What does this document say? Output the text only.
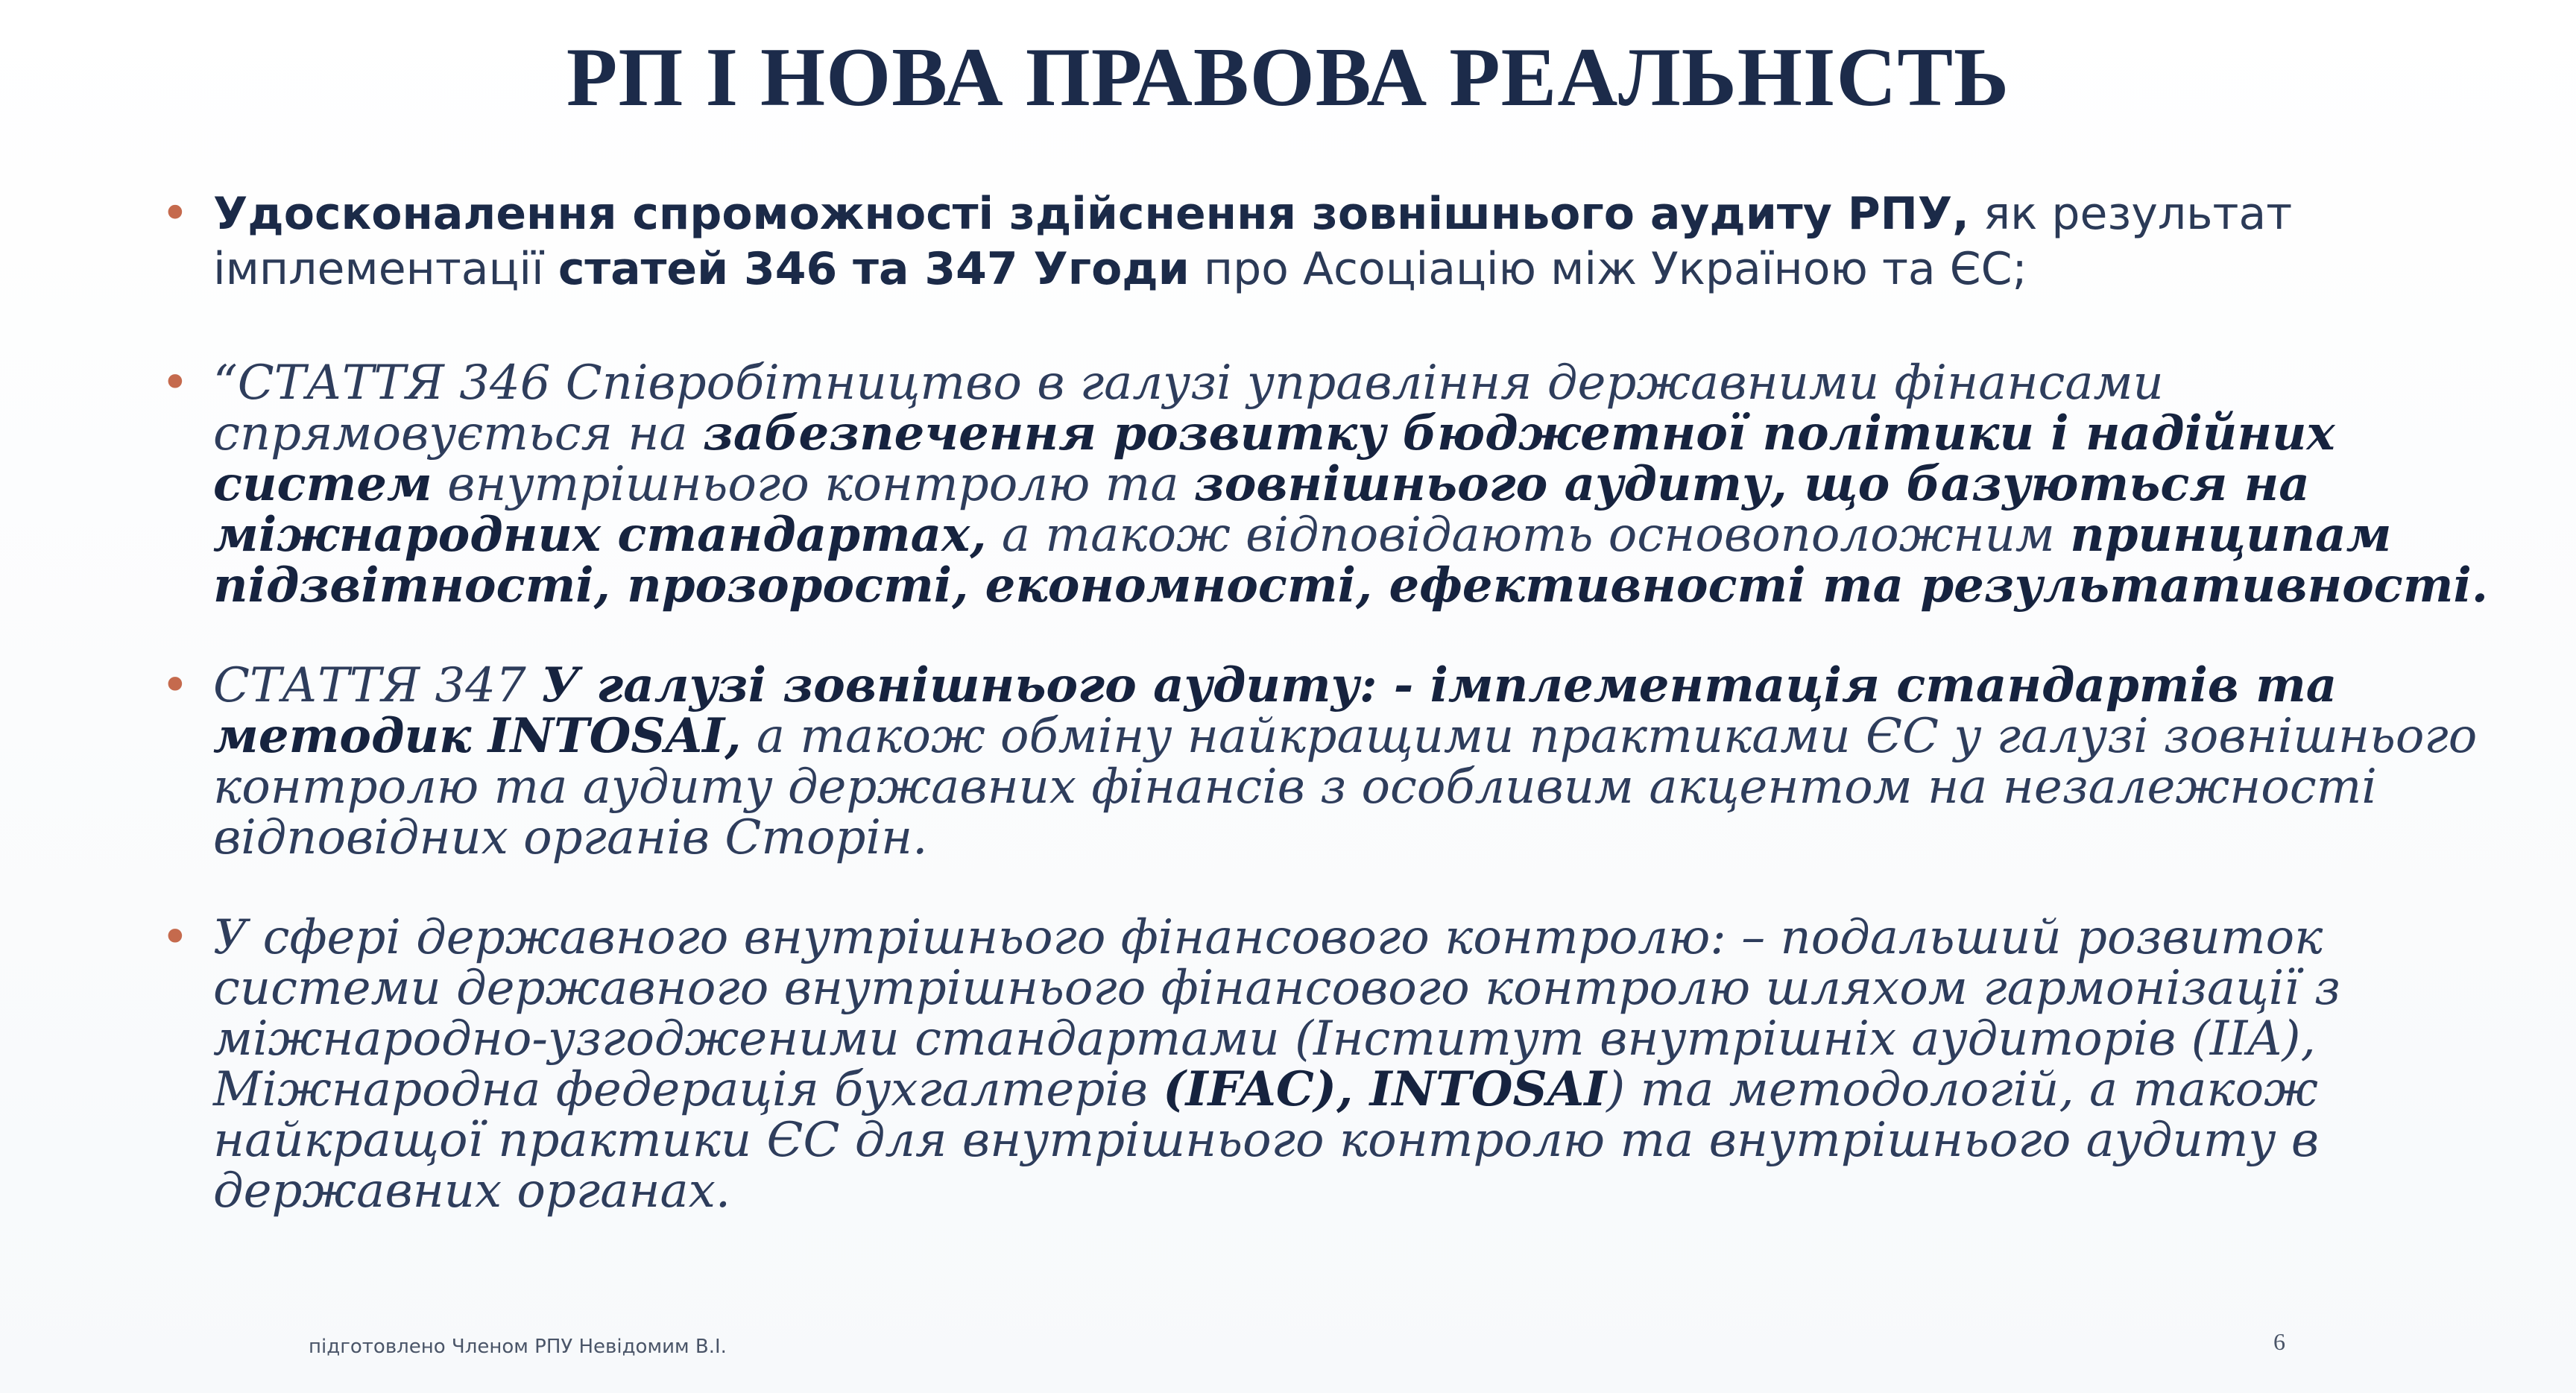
РП І НОВА ПРАВОВА РЕАЛЬНІСТЬ
• Удосконалення спроможності здійснення зовнішнього аудиту РПУ, як результат імплементації статей 346 та 347 Угоди про Асоціацію між Україною та ЄС;
• “СТАТТЯ 346 Співробітництво в галузі управління державними фінансами спрямовується на забезпечення розвитку бюджетної політики і надійних систем внутрішнього контролю та зовнішнього аудиту, що базуються на міжнародних стандартах, а також відповідають основоположним принципам підзвітності, прозорості, економності, ефективності та результативності.
• СТАТТЯ 347 У галузі зовнішнього аудиту: - імплементація стандартів та методик INTOSAI, а також обміну найкращими практиками ЄС у галузі зовнішнього контролю та аудиту державних фінансів з особливим акцентом на незалежності відповідних органів Сторін.
• У сфері державного внутрішнього фінансового контролю: – подальший розвиток системи державного внутрішнього фінансового контролю шляхом гармонізації з міжнародно-узгодженими стандартами (Інститут внутрішніх аудиторів (IIA), Міжнародна федерація бухгалтерів (IFAC), INTOSAI) та методологій, а також найкращої практики ЄС для внутрішнього контролю та внутрішнього аудиту в державних органах.
підготовлено Членом РПУ Невідомим В.І.	6
